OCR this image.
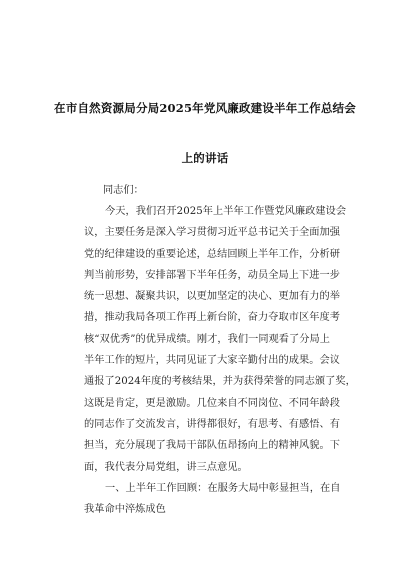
在市自然资源局分局2025年党风廉政建设半年工作总结会
上的讲话
同志们：
今天，我们召开2025年上半年工作暨党风廉政建设会
议，主要任务是深入学习贯彻习近平总书记关于全面加强
党的纪律建设的重要论述，总结回顾上半年工作，分析研
判当前形势，安排部署下半年任务，动员全局上下进一步
统一思想、凝聚共识，以更加坚定的决心、更加有力的举
措，推动我局各项工作再上新台阶，奋力夺取市区年度考
核“双优秀”的优异成绩。刚才，我们一同观看了分局上
半年工作的短片，共同见证了大家辛勤付出的成果。会议
通报了2024年度的考核结果，并为获得荣誉的同志颁了奖，
这既是肯定，更是激励。几位来自不同岗位、不同年龄段
的同志作了交流发言，讲得都很好，有思考、有感悟、有
担当，充分展现了我局干部队伍昂扬向上的精神风貌。下
面，我代表分局党组，讲三点意见。
一、上半年工作回顾：在服务大局中彰显担当，在自
我革命中淬炼成色
